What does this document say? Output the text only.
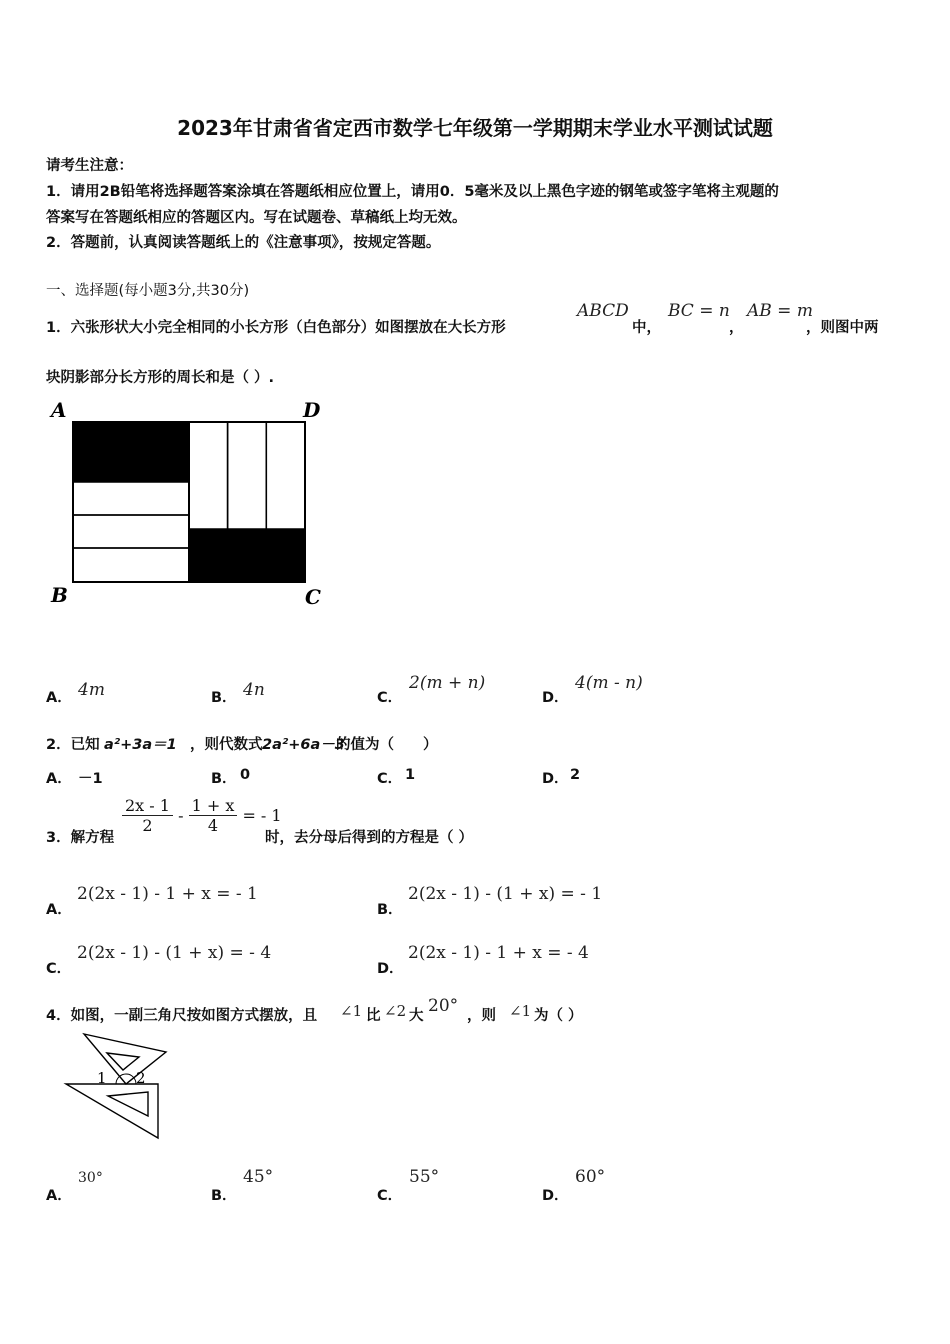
2023年甘肃省省定西市数学七年级第一学期期末学业水平测试试题
请考生注意：
1．请用2B铅笔将选择题答案涂填在答题纸相应位置上，请用0．5毫米及以上黑色字迹的钢笔或签字笔将主观题的
答案写在答题纸相应的答题区内。写在试题卷、草稿纸上均无效。
2．答题前，认真阅读答题纸上的《注意事项》，按规定答题。
一、选择题(每小题3分,共30分)
1．六张形状大小完全相同的小长方形（白色部分）如图摆放在大长方形
ABCD
中，
BC = n
，
AB = m
，则图中两
块阴影部分长方形的周长和是（ ）.
A	D
B	C
A． 4m	B． 4n	C．
2(m + n)
D．
4(m - n)
2．已知 a²+3a＝1 ，则代数式 2a²+6a－3
的值为（　　）
A． －1	B． 0	C． 1	D． 2
3．解方程
$\frac{2x - 1}{2} - \frac{1 + x}{4}$ = - 1
时，去分母后得到的方程是（ ）
A．
2(2x - 1) - 1 + x = - 1
B．
2(2x - 1) - (1 + x) = - 1
C．
2(2x - 1) - (1 + x) = - 4
D．
2(2x - 1) - 1 + x = - 4
4．如图，一副三角尺按如图方式摆放，且 ∠1 比 ∠2 大 20° ，则 ∠1 为（ ）
1 2
A．
30°
B．
45°
C．
55°
D．
60°
